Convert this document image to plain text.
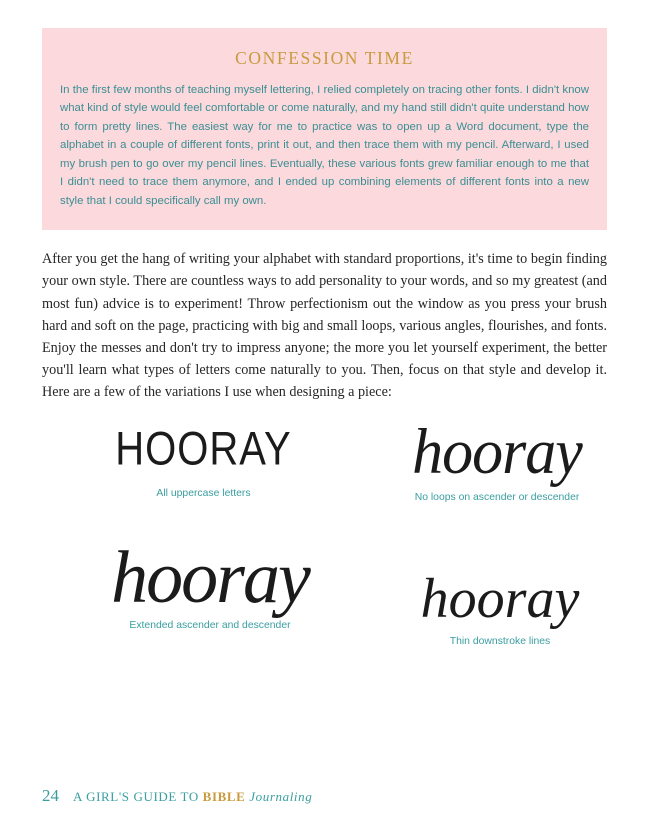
CONFESSION TIME

In the first few months of teaching myself lettering, I relied completely on tracing other fonts. I didn't know what kind of style would feel comfortable or come naturally, and my hand still didn't quite understand how to form pretty lines. The easiest way for me to practice was to open up a Word document, type the alphabet in a couple of different fonts, print it out, and then trace them with my pencil. Afterward, I used my brush pen to go over my pencil lines. Eventually, these various fonts grew familiar enough to me that I didn't need to trace them anymore, and I ended up combining elements of different fonts into a new style that I could specifically call my own.

After you get the hang of writing your alphabet with standard proportions, it's time to begin finding your own style. There are countless ways to add personality to your words, and so my greatest (and most fun) advice is to experiment! Throw perfectionism out the window as you press your brush hard and soft on the page, practicing with big and small loops, various angles, flourishes, and fonts. Enjoy the messes and don't try to impress anyone; the more you let yourself experiment, the better you'll learn what types of letters come naturally to you. Then, focus on that style and develop it. Here are a few of the variations I use when designing a piece:

HOORAY
All uppercase letters
hooray
No loops on ascender or descender
hooray
Extended ascender and descender	hooray
Thin downstroke lines
24 A GIRL'S GUIDE TO BIBLE Journaling
